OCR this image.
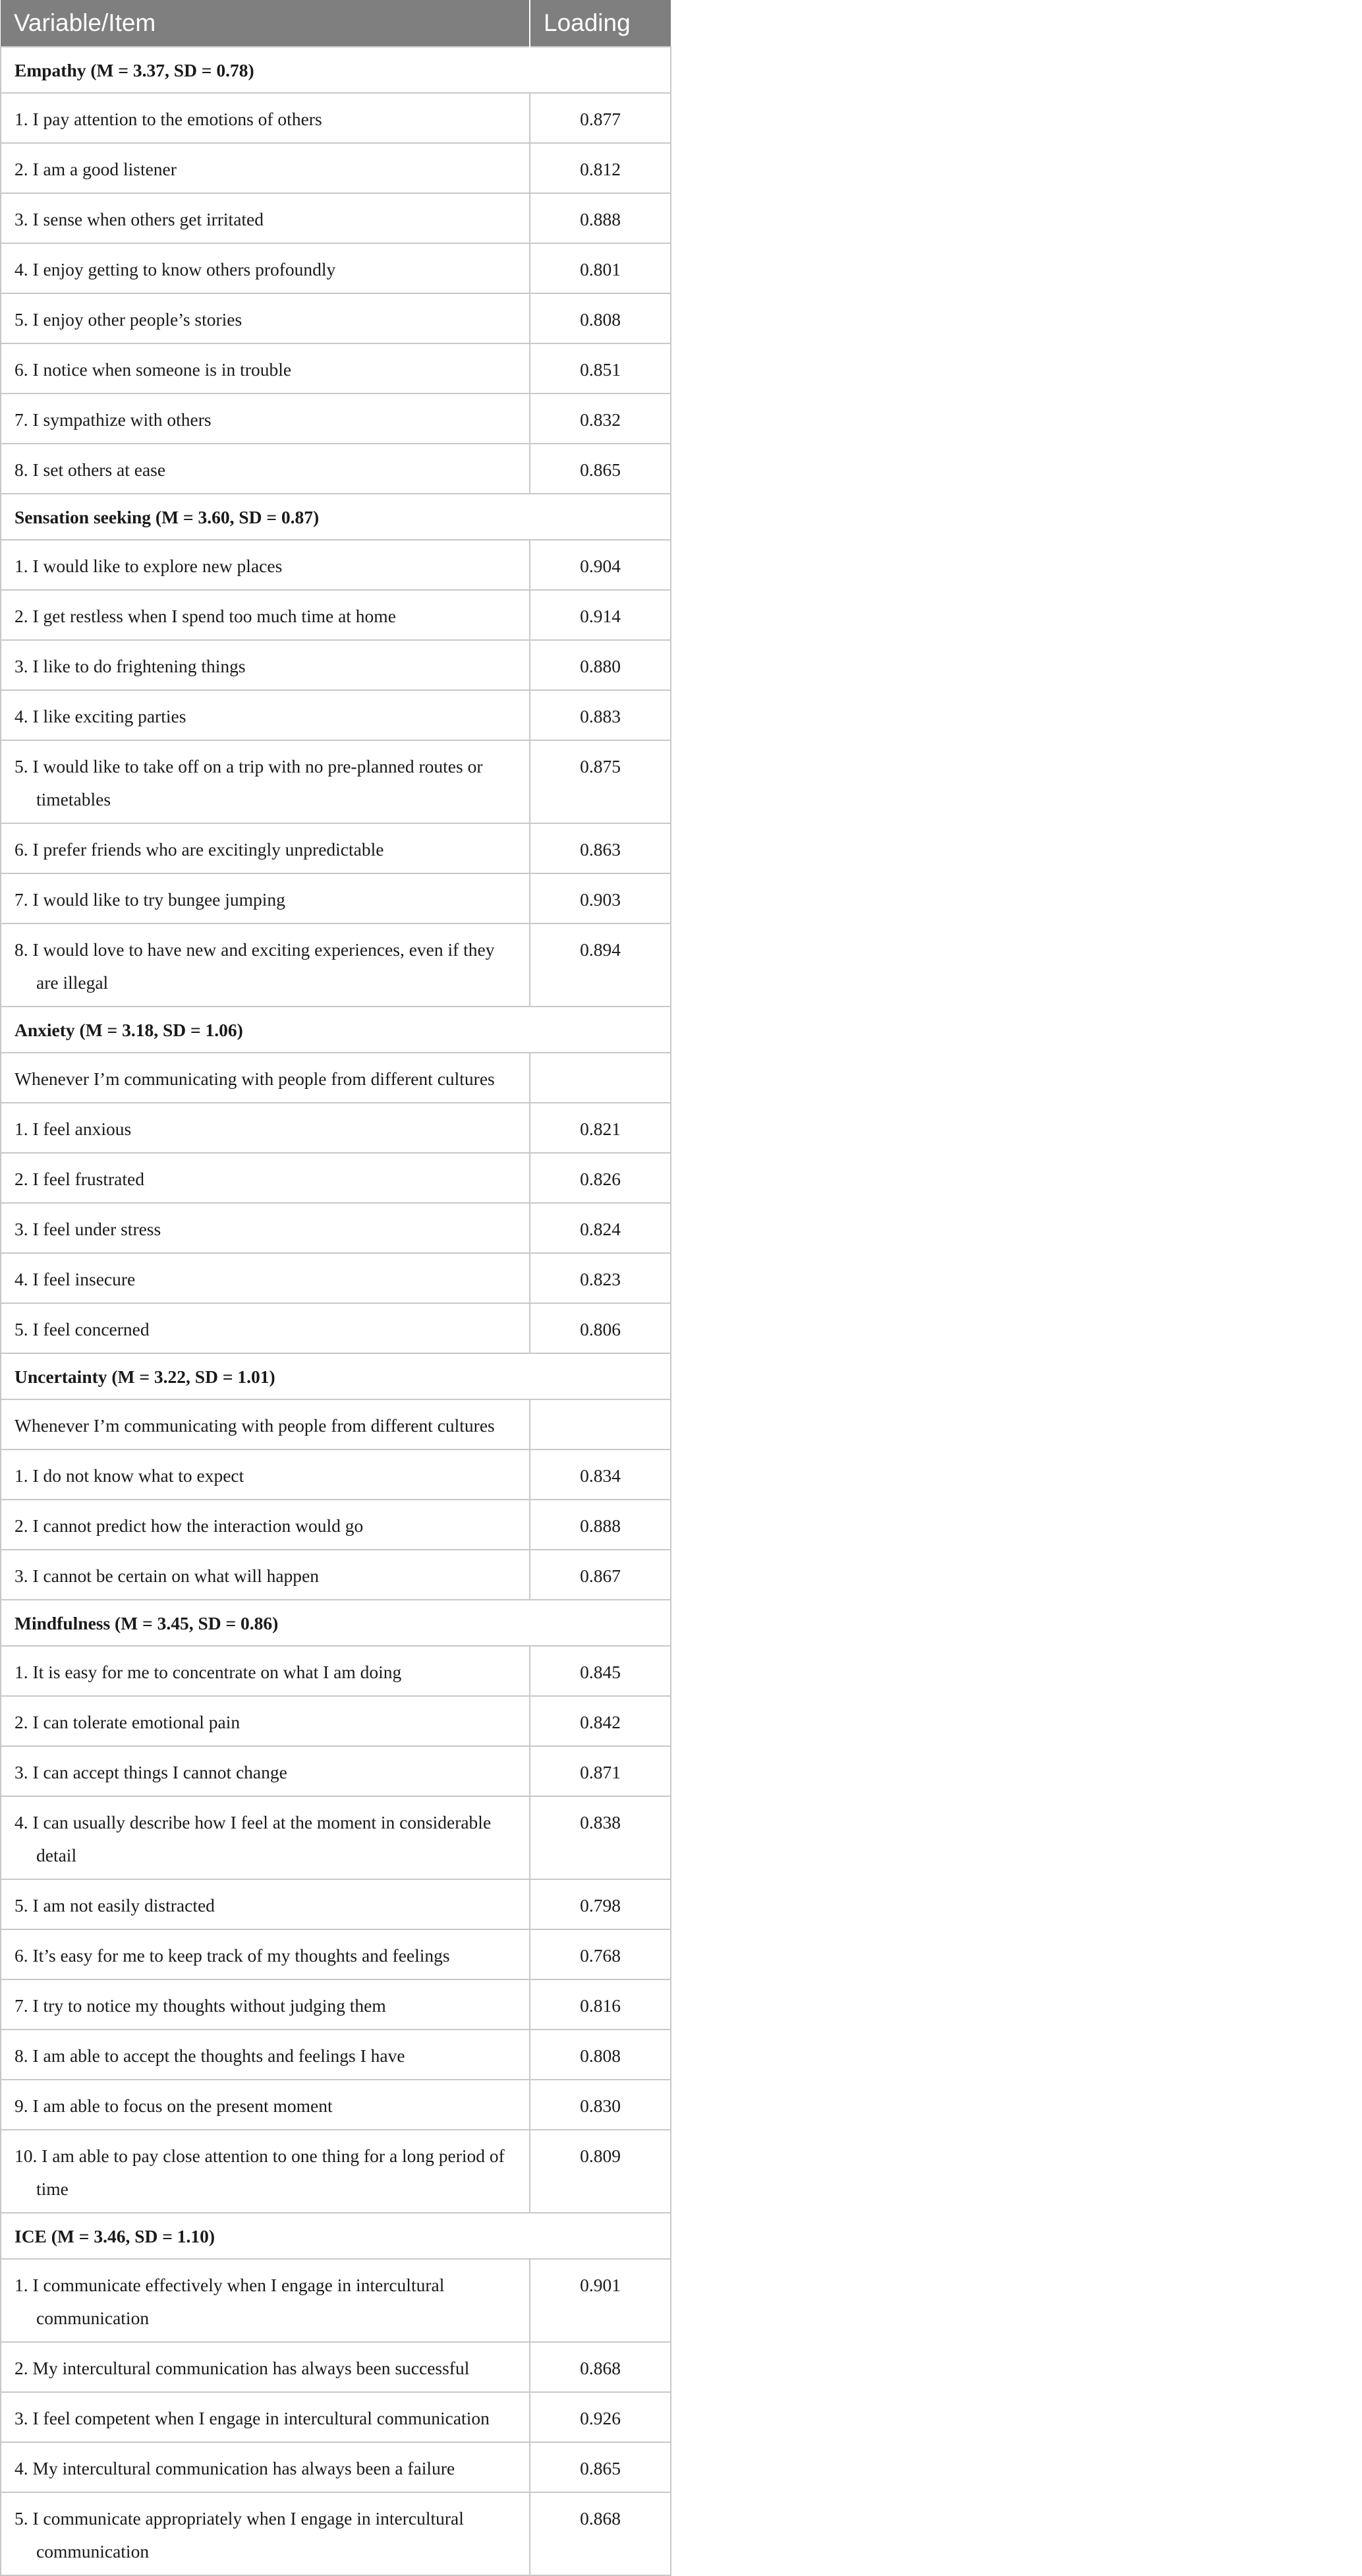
Variable/Item	Loading
Empathy (M = 3.37, SD = 0.78)	

1. I pay attention to the emotions of others	0.877

2. I am a good listener	0.812

3. I sense when others get irritated	0.888

4. I enjoy getting to know others profoundly	0.801

5. I enjoy other people’s stories	0.808

6. I notice when someone is in trouble	0.851

7. I sympathize with others	0.832

8. I set others at ease	0.865
Sensation seeking (M = 3.60, SD = 0.87)	

1. I would like to explore new places	0.904

2. I get restless when I spend too much time at home	0.914

3. I like to do frightening things	0.880

4. I like exciting parties	0.883

5. I would like to take off on a trip with no pre-planned routes or timetables	0.875

6. I prefer friends who are excitingly unpredictable	0.863

7. I would like to try bungee jumping	0.903

8. I would love to have new and exciting experiences, even if they are illegal	0.894
Anxiety (M = 3.18, SD = 1.06)	
Whenever I’m communicating with people from different cultures	

1. I feel anxious	0.821

2. I feel frustrated	0.826

3. I feel under stress	0.824

4. I feel insecure	0.823

5. I feel concerned	0.806
Uncertainty (M = 3.22, SD = 1.01)	
Whenever I’m communicating with people from different cultures	

1. I do not know what to expect	0.834

2. I cannot predict how the interaction would go	0.888

3. I cannot be certain on what will happen	0.867
Mindfulness (M = 3.45, SD = 0.86)	

1. It is easy for me to concentrate on what I am doing	0.845

2. I can tolerate emotional pain	0.842

3. I can accept things I cannot change	0.871

4. I can usually describe how I feel at the moment in considerable detail	0.838

5. I am not easily distracted	0.798

6. It’s easy for me to keep track of my thoughts and feelings	0.768

7. I try to notice my thoughts without judging them	0.816

8. I am able to accept the thoughts and feelings I have	0.808

9. I am able to focus on the present moment	0.830

10. I am able to pay close attention to one thing for a long period of time	0.809
ICE (M = 3.46, SD = 1.10)	

1. I communicate effectively when I engage in intercultural communication	0.901

2. My intercultural communication has always been successful	0.868

3. I feel competent when I engage in intercultural communication	0.926

4. My intercultural communication has always been a failure	0.865

5. I communicate appropriately when I engage in intercultural communication	0.868
